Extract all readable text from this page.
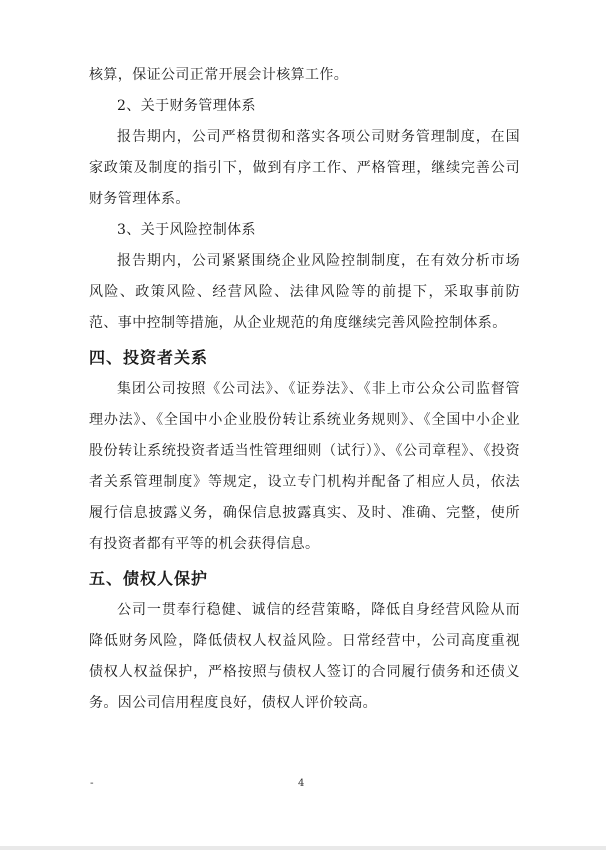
核算，保证公司正常开展会计核算工作。

2、关于财务管理体系

报告期内，公司严格贯彻和落实各项公司财务管理制度，在国家政策及制度的指引下，做到有序工作、严格管理，继续完善公司财务管理体系。

3、关于风险控制体系

报告期内，公司紧紧围绕企业风险控制制度，在有效分析市场风险、政策风险、经营风险、法律风险等的前提下，采取事前防范、事中控制等措施，从企业规范的角度继续完善风险控制体系。

四、投资者关系

集团公司按照《公司法》、《证券法》、《非上市公众公司监督管理办法》、《全国中小企业股份转让系统业务规则》、《全国中小企业股份转让系统投资者适当性管理细则（试行）》、《公司章程》、《投资者关系管理制度》等规定，设立专门机构并配备了相应人员，依法履行信息披露义务，确保信息披露真实、及时、准确、完整，使所有投资者都有平等的机会获得信息。

五、债权人保护

公司一贯奉行稳健、诚信的经营策略，降低自身经营风险从而降低财务风险，降低债权人权益风险。日常经营中，公司高度重视债权人权益保护，严格按照与债权人签订的合同履行债务和还债义务。因公司信用程度良好，债权人评价较高。

-	4
